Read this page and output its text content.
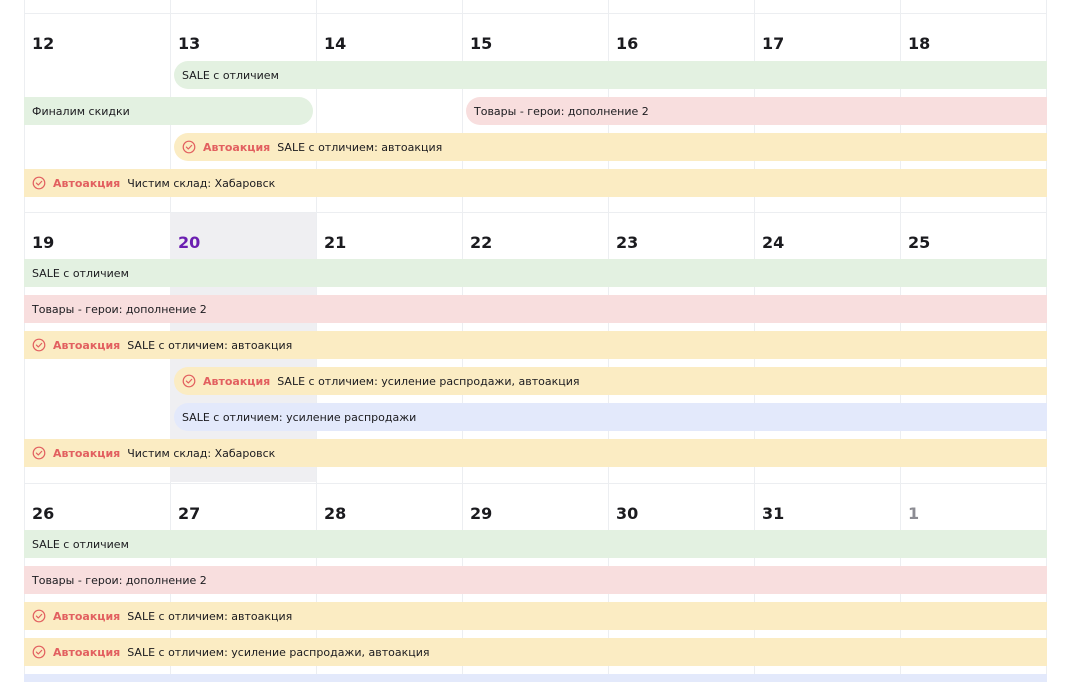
12	13	14	15	16	17	18
SALE с отличием
Финалим скидки	Товары - герои: дополнение 2
Автоакция SALE с отличием: автоакция
Автоакция Чистим склад: Хабаровск
19	20	21	22	23	24	25
SALE с отличием
Товары - герои: дополнение 2
Автоакция SALE с отличием: автоакция
Автоакция SALE с отличием: усиление распродажи, автоакция
SALE с отличием: усиление распродажи
Автоакция Чистим склад: Хабаровск
26	27	28	29	30	31	1
SALE с отличием
Товары - герои: дополнение 2
Автоакция SALE с отличием: автоакция
Автоакция SALE с отличием: усиление распродажи, автоакция
